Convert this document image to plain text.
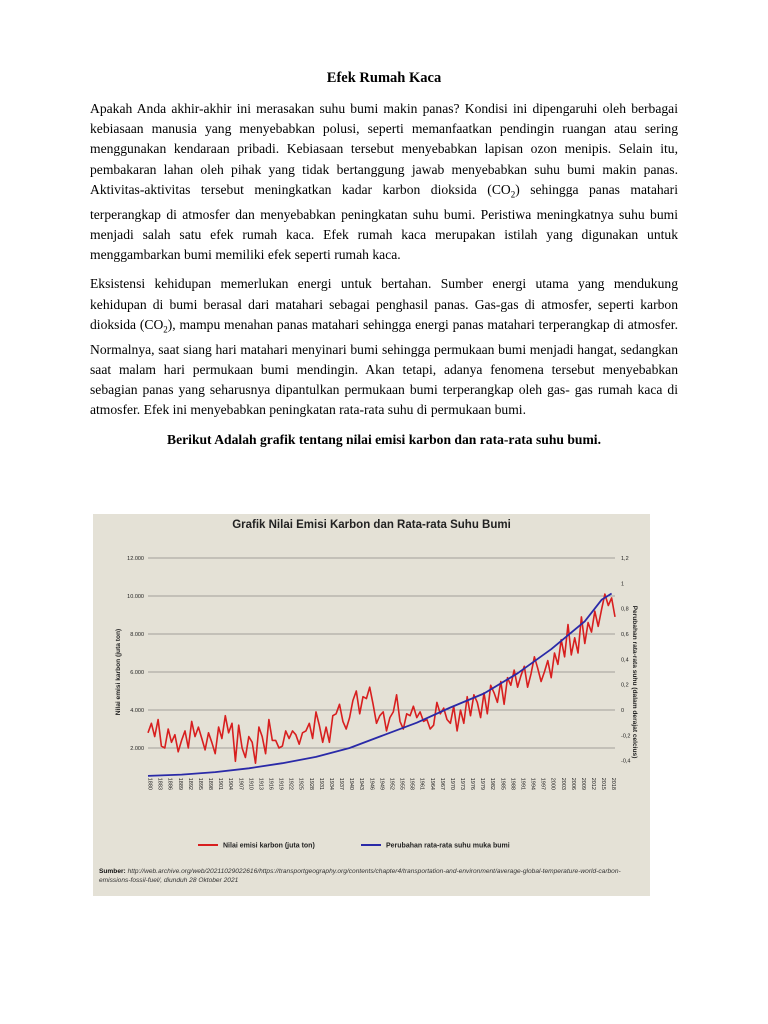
Efek Rumah Kaca

Apakah Anda akhir-akhir ini merasakan suhu bumi makin panas? Kondisi ini dipengaruhi oleh berbagai kebiasaan manusia yang menyebabkan polusi, seperti memanfaatkan pendingin ruangan atau sering menggunakan kendaraan pribadi. Kebiasaan tersebut menyebabkan lapisan ozon menipis. Selain itu, pembakaran lahan oleh pihak yang tidak bertanggung jawab menyebabkan suhu bumi makin panas. Aktivitas-aktivitas tersebut meningkatkan kadar karbon dioksida $(CO_2)$ sehingga panas matahari terperangkap di atmosfer dan menyebabkan peningkatan suhu bumi. Peristiwa meningkatnya suhu bumi menjadi salah satu efek rumah kaca. Efek rumah kaca merupakan istilah yang digunakan untuk menggambarkan bumi memiliki efek seperti rumah kaca.

Eksistensi kehidupan memerlukan energi untuk bertahan. Sumber energi utama yang mendukung kehidupan di bumi berasal dari matahari sebagai penghasil panas. Gas-gas di atmosfer, seperti karbon dioksida $(CO_2)$, mampu menahan panas matahari sehingga energi panas matahari terperangkap di atmosfer. Normalnya, saat siang hari matahari menyinari bumi sehingga permukaan bumi menjadi hangat, sedangkan saat malam hari permukaan bumi mendingin. Akan tetapi, adanya fenomena tersebut menyebabkan sebagian panas yang seharusnya dipantulkan permukaan bumi terperangkap oleh gas- gas rumah kaca di atmosfer. Efek ini menyebabkan peningkatan rata-rata suhu di permukaan bumi.

Berikut Adalah grafik tentang nilai emisi karbon dan rata-rata suhu bumi.
Grafik Nilai Emisi Karbon dan Rata-rata Suhu Bumi
2.000
4.000
6.000
8.000
10.000
12.000
-0,4
-0,2
0
0,2
0,4
0,6
0,8
1
1,2
1880 1883 1886 1889 1892 1895 1898 1901 1904 1907 1910 1913 1916 1919 1922 1925 1928 1931 1934 1937 1940 1943 1946 1949 1952 1955 1958 1961 1964 1967 1970 1973 1976 1979 1982 1985 1988 1991 1994 1997 2000 2003 2006 2009 2012 2015 2018
Nilai emisi karbon (juta ton)	Perubahan rata-rata suhu (dalam derajat celcius)
Nilai emisi karbon (juta ton)	Perubahan rata-rata suhu muka bumi
Sumber: http://web.archive.org/web/20211029022616/https://transportgeography.org/contents/chapter4/transportation-and-environment/average-global-temperature-world-carbon-emissions-fossil-fuel/, diunduh 28 Oktober 2021
